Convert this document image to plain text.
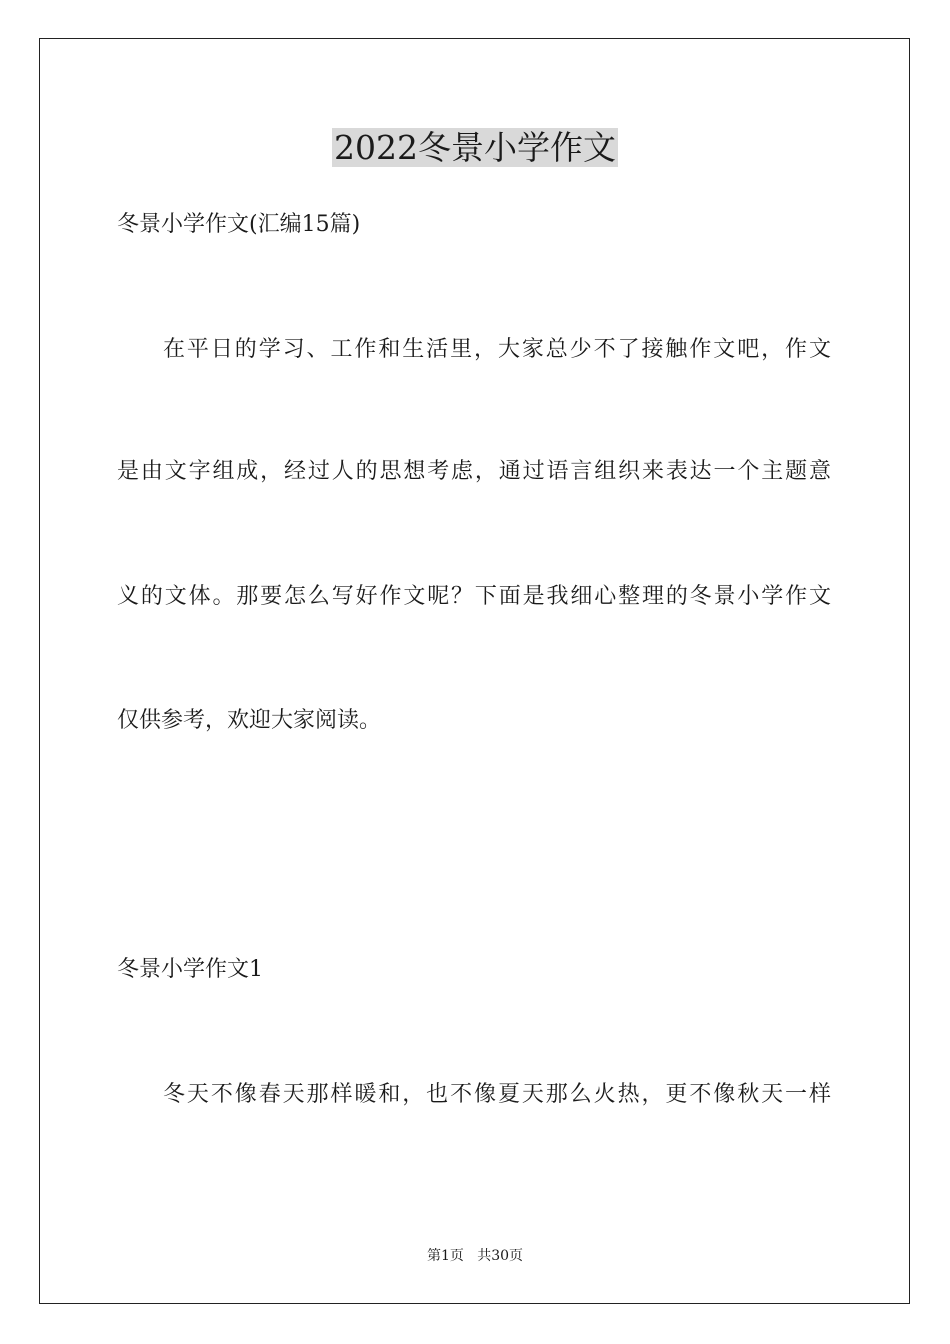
2022冬景小学作文
冬景小学作文(汇编15篇)
在平日的学习、工作和生活里，大家总少不了接触作文吧，作文
是由文字组成，经过人的思想考虑，通过语言组织来表达一个主题意
义的文体。那要怎么写好作文呢？下面是我细心整理的冬景小学作文
仅供参考，欢迎大家阅读。
冬景小学作文1
冬天不像春天那样暖和，也不像夏天那么火热，更不像秋天一样
第1页   共30页
